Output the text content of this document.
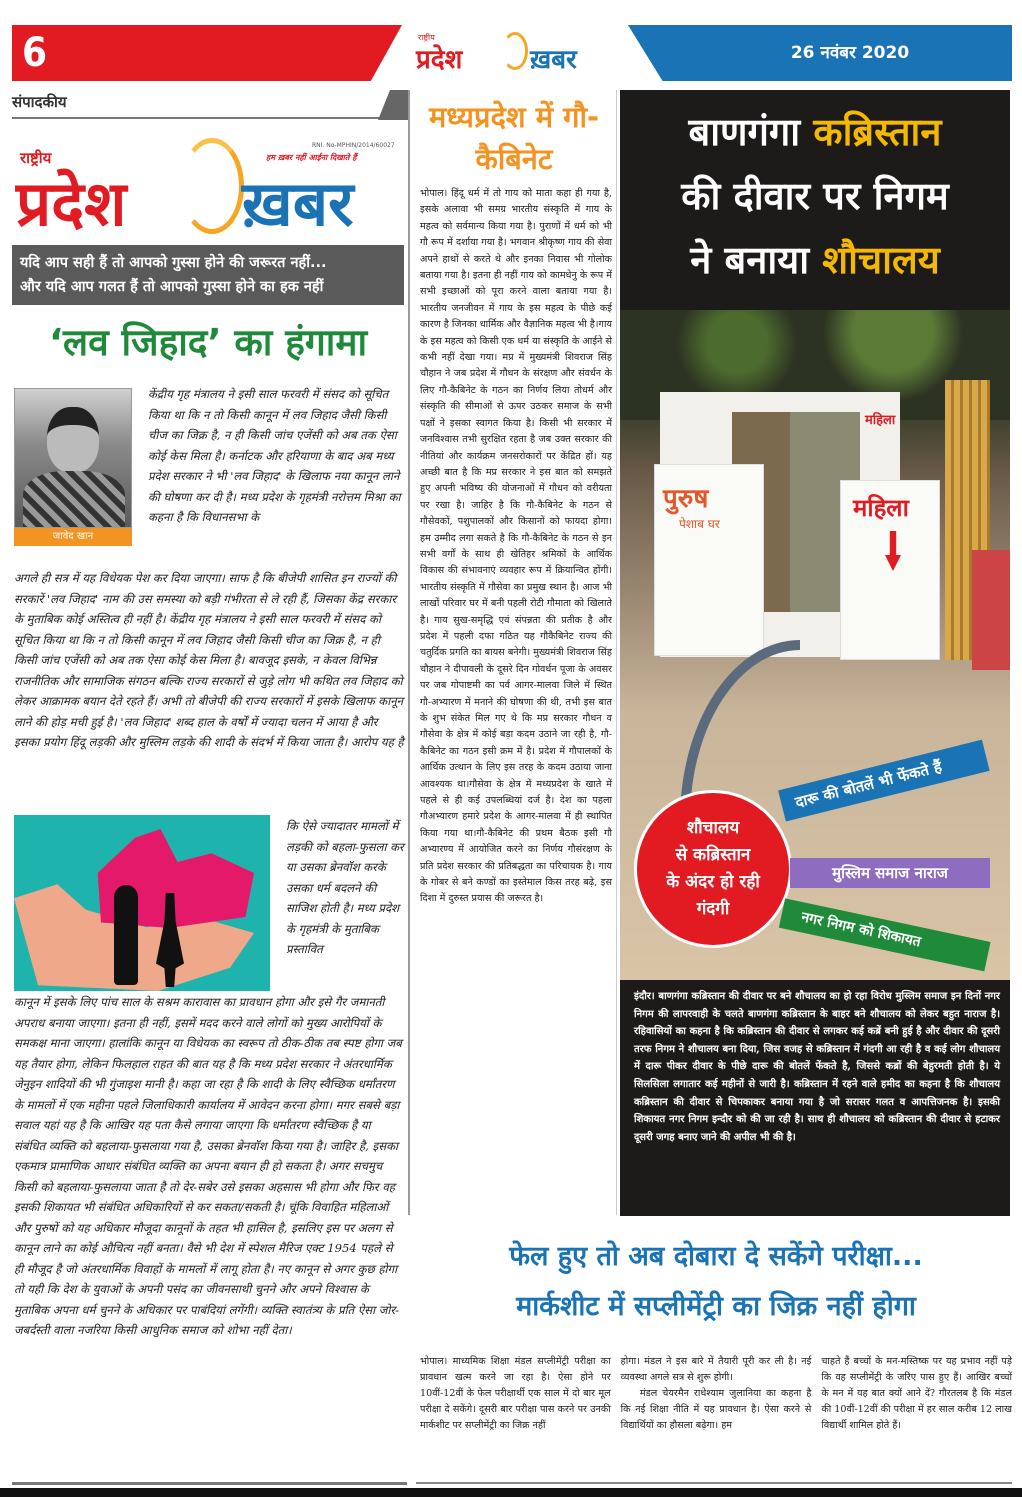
6	राष्ट्रीय
प्रदेश	ख़बर	26 नवंबर 2020
संपादकीय
राष्ट्रीय
प्रदेश
RNI. No-MPHIN/2014/60027
हम ख़बर नहीं आईना दिखाते हैं
ख़बर
यदि आप सही हैं तो आपको गुस्सा होने की जरूरत नहीं...
और यदि आप गलत हैं तो आपको गुस्सा होने का हक नहीं
‘लव जिहाद’ का हंगामा
जावेद खान

केंद्रीय गृह मंत्रालय ने इसी साल फरवरी में संसद को सूचित किया था कि न तो किसी कानून में लव जिहाद जैसी किसी चीज का जिक्र है, न ही किसी जांच एजेंसी को अब तक ऐसा कोई केस मिला है। कर्नाटक और हरियाणा के बाद अब मध्य प्रदेश सरकार ने भी 'लव जिहाद' के खिलाफ नया कानून लाने की घोषणा कर दी है। मध्य प्रदेश के गृहमंत्री नरोत्तम मिश्रा का कहना है कि विधानसभा के

अगले ही सत्र में यह विधेयक पेश कर दिया जाएगा। साफ है कि बीजेपी शासित इन राज्यों की सरकारें 'लव जिहाद' नाम की उस समस्या को बड़ी गंभीरता से ले रही हैं, जिसका केंद्र सरकार के मुताबिक कोई अस्तित्व ही नहीं है। केंद्रीय गृह मंत्रालय ने इसी साल फरवरी में संसद को सूचित किया था कि न तो किसी कानून में लव जिहाद जैसी किसी चीज का जिक्र है, न ही किसी जांच एजेंसी को अब तक ऐसा कोई केस मिला है। बावजूद इसके, न केवल विभिन्न राजनीतिक और सामाजिक संगठन बल्कि राज्य सरकारों से जुड़े लोग भी कथित लव जिहाद को लेकर आक्रामक बयान देते रहते हैं। अभी तो बीजेपी की राज्य सरकारों में इसके खिलाफ कानून लाने की होड़ मची हुई है। 'लव जिहाद' शब्द हाल के वर्षों में ज्यादा चलन में आया है और इसका प्रयोग हिंदू लड़की और मुस्लिम लड़के की शादी के संदर्भ में किया जाता है। आरोप यह है

कि ऐसे ज्यादातर मामलों में लड़की को बहला-फुसला कर या उसका ब्रेनवॉश करके उसका धर्म बदलने की साजिश होती है। मध्य प्रदेश के गृहमंत्री के मुताबिक प्रस्तावित

कानून में इसके लिए पांच साल के सश्रम कारावास का प्रावधान होगा और इसे गैर जमानती अपराध बनाया जाएगा। इतना ही नहीं, इसमें मदद करने वाले लोगों को मुख्य आरोपियों के समकक्ष माना जाएगा। हालांकि कानून या विधेयक का स्वरूप तो ठीक-ठीक तब स्पष्ट होगा जब यह तैयार होगा, लेकिन फिलहाल राहत की बात यह है कि मध्य प्रदेश सरकार ने अंतरधार्मिक जेनुइन शादियों की भी गुंजाइश मानी है। कहा जा रहा है कि शादी के लिए स्वैच्छिक धर्मांतरण के मामलों में एक महीना पहले जिलाधिकारी कार्यालय में आवेदन करना होगा। मगर सबसे बड़ा सवाल यहां यह है कि आखिर यह पता कैसे लगाया जाएगा कि धर्मांतरण स्वैच्छिक है या संबंधित व्यक्ति को बहलाया-फुसलाया गया है, उसका ब्रेनवॉश किया गया है। जाहिर है, इसका एकमात्र प्रामाणिक आधार संबंधित व्यक्ति का अपना बयान ही हो सकता है। अगर सचमुच किसी को बहलाया-फुसलाया जाता है तो देर-सबेर उसे इसका अहसास भी होगा और फिर वह इसकी शिकायत भी संबंधित अधिकारियों से कर सकता/सकती है। चूंकि विवाहित महिलाओं और पुरुषों को यह अधिकार मौजूदा कानूनों के तहत भी हासिल है, इसलिए इस पर अलग से कानून लाने का कोई औचित्य नहीं बनता। वैसे भी देश में स्पेशल मैरिज एक्ट 1954 पहले से ही मौजूद है जो अंतरधार्मिक विवाहों के मामलों में लागू होता है। नए कानून से अगर कुछ होगा तो यही कि देश के युवाओं के अपनी पसंद का जीवनसाथी चुनने और अपने विश्वास के मुताबिक अपना धर्म चुनने के अधिकार पर पाबंदियां लगेंगी। व्यक्ति स्वातंत्र्य के प्रति ऐसा जोर-जबर्दस्ती वाला नजरिया किसी आधुनिक समाज को शोभा नहीं देता।

मध्यप्रदेश में गौ-कैबिनेट

भोपाल। हिंदू धर्म में तो गाय को माता कहा ही गया है, इसके अलावा भी समग्र भारतीय संस्कृति में गाय के महत्व को सर्वमान्य किया गया है। पुराणों में धर्म को भी गौ रूप में दर्शाया गया है। भगवान श्रीकृष्ण गाय की सेवा अपने हाथों से करते थे और इनका निवास भी गोलोक बताया गया है। इतना ही नहीं गाय को कामधेनु के रूप में सभी इच्छाओं को पूरा करने वाला बताया गया है। भारतीय जनजीवन में गाय के इस महत्व के पीछे कई कारण है जिनका धार्मिक और वैज्ञानिक महत्व भी है।गाय के इस महत्व को किसी एक धर्म या संस्कृति के आईने से कभी नहीं देखा गया। मप्र में मुख्यमंत्री शिवराज सिंह चौहान ने जब प्रदेश में गौधन के संरक्षण और संवर्धन के लिए गौ-कैबिनेट के गठन का निर्णय लिया तोधर्म और संस्कृति की सीमाओं से ऊपर उठकर समाज के सभी पक्षों ने इसका स्वागत किया है। किसी भी सरकार में जनविश्वास तभी सुरक्षित रहता है जब उक्त सरकार की नीतियां और कार्यक्रम जनसरोकारों पर केंद्रित हों। यह अच्छी बात है कि मप्र सरकार ने इस बात को समझते हुए अपनी भविष्य की योजनाओं में गौधन को वरीयता पर रखा है। जाहिर है कि गौ-कैबिनेट के गठन से गौसेवकों, पशुपालकों और किसानों को फायदा होगा। हम उम्मीद लगा सकते है कि गौ-कैबिनेट के गठन से इन सभी वर्गों के साथ ही खेतिहर श्रमिकों के आर्थिक विकास की संभावनाएं व्यवहार रूप में क्रियान्वित होंगी।भारतीय संस्कृति में गौसेवा का प्रमुख स्थान है। आज भी लाखों परिवार घर में बनी पहली रोटी गौमाता को खिलाते है। गाय सुख-समृद्धि एवं संपन्नता की प्रतीक है और प्रदेश में पहली दफा गठित यह गौकैबिनेट राज्य की चतुर्दिक प्रगति का बायस बनेगी। मुख्यमंत्री शिवराज सिंह चौहान ने दीपावली के दूसरे दिन गोवर्धन पूजा के अवसर पर जब गोपाष्टमी का पर्व आगर-मालवा जिले में स्थित गौ-अभ्यारण में मनाने की घोषणा की थी, तभी इस बात के शुभ संकेत मिल गए थे कि मप्र सरकार गौधन व गौसेवा के क्षेत्र में कोई बड़ा कदम उठाने जा रही है, गौ-कैबिनेट का गठन इसी क्रम में है। प्रदेश में गौपालकों के आर्थिक उत्थान के लिए इस तरह के कदम उठाया जाना आवश्यक था।गौसेवा के क्षेत्र में मध्यप्रदेश के खाते में पहले से ही कई उपलब्धियां दर्ज है। देश का पहला गौअभ्यारण हमारे प्रदेश के आगर-मालवा में ही स्थापित किया गया था।गौ-कैबिनेट की प्रथम बैठक इसी गौ अभ्यारण्य में आयोजित करने का निर्णय गौसंरक्षण के प्रति प्रदेश सरकार की प्रतिबद्धता का परिचायक है। गाय के गोबर से बने कण्डों का इस्तेमाल किस तरह बढ़े, इस दिशा में दुरुस्त प्रयास की जरूरत है।

महिला
पुरुष
पेशाब घर
महिला
बाणगंगा कब्रिस्तान
की दीवार पर निगम
ने बनाया शौचालय
शौचालय
से कब्रिस्तान
के अंदर हो रही
गंदगी
दारू की बोतलें भी फेंकते हैं
मुस्लिम समाज नाराज
नगर निगम को शिकायत

इंदौर। बाणगंगा कब्रिस्तान की दीवार पर बने शौचालय का हो रहा विरोध मुस्लिम समाज इन दिनों नगर निगम की लापरवाही के चलते बाणगंगा कब्रिस्तान के बाहर बने शौचालय को लेकर बहुत नाराज है।रहिवासियों का कहना है कि कब्रिस्तान की दीवार से लगकर कई कब्रें बनी हुई है और दीवार की दूसरी तरफ निगम ने शौचालय बना दिया, जिस वजह से कब्रिस्तान में गंदगी आ रही है व कई लोग शौचालय में दारू पीकर दीवार के पीछे दारू की बोतलें फेंकते है, जिससे कब्रों की बेहुरमती होती है। ये सिलसिला लगातार कई महीनों से जारी है। कब्रिस्तान में रहने वाले हमीद का कहना है कि शौचालय कब्रिस्तान की दीवार से चिपकाकर बनाया गया है जो सरासर गलत व आपत्तिजनक है। इसकी शिकायत नगर निगम इन्दौर को की जा रही है। साथ ही शौचालय को कब्रिस्तान की दीवार से हटाकर दूसरी जगह बनाए जाने की अपील भी की है।

फेल हुए तो अब दोबारा दे सकेंगे परीक्षा...
मार्कशीट में सप्लीमेंट्री का जिक्र नहीं होगा

भोपाल। माध्यमिक शिक्षा मंडल सप्लीमेंट्री परीक्षा का प्रावधान खत्म करने जा रहा है। ऐसा होने पर 10वीं-12वीं के फेल परीक्षार्थी एक साल में दो बार मूल परीक्षा दे सकेंगे। दूसरी बार परीक्षा पास करने पर उनकी मार्कशीट पर सप्लीमेंट्री का जिक्र नहीं

होगा। मंडल ने इस बारे में तैयारी पूरी कर ली है। नई व्यवस्था अगले सत्र से शुरू होगी।

मंडल चेयरमैन राधेश्याम जुलानिया का कहना है कि नई शिक्षा नीति में यह प्रावधान है। ऐसा करने से विद्यार्थियों का हौसला बढ़ेगा। हम

चाहते हैं बच्चों के मन-मस्तिष्क पर यह प्रभाव नहीं पड़े कि वह सप्लीमेंट्री के जरिए पास हुए हैं। आखिर बच्चों के मन में यह बात क्यों आने दें? गौरतलब है कि मंडल की 10वीं-12वीं की परीक्षा में हर साल करीब 12 लाख विद्यार्थी शामिल होते हैं।
